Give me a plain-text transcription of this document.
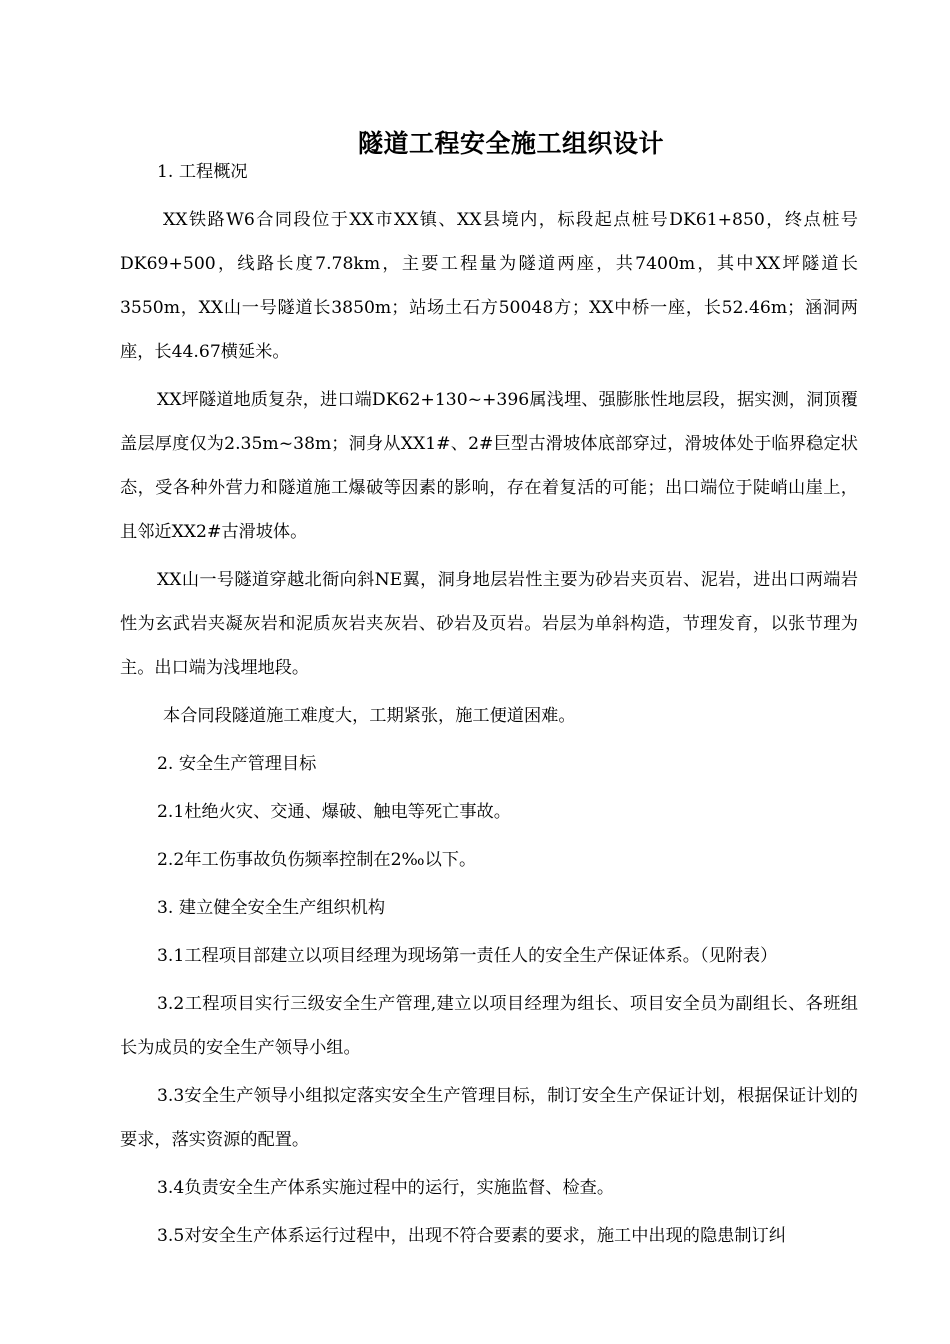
隧道工程安全施工组织设计

1. 工程概况

XX铁路W6合同段位于XX市XX镇、XX县境内，标段起点桩号DK61+850，终点桩号DK69+500，线路长度7.78km，主要工程量为隧道两座，共7400m，其中XX坪隧道长3550m，XX山一号隧道长3850m；站场土石方50048方；XX中桥一座，长52.46m；涵洞两座，长44.67横延米。

XX坪隧道地质复杂，进口端DK62+130~+396属浅埋、强膨胀性地层段，据实测，洞顶覆盖层厚度仅为2.35m~38m；洞身从XX1#、2#巨型古滑坡体底部穿过，滑坡体处于临界稳定状态，受各种外营力和隧道施工爆破等因素的影响，存在着复活的可能；出口端位于陡峭山崖上，且邻近XX2#古滑坡体。

XX山一号隧道穿越北衙向斜NE翼，洞身地层岩性主要为砂岩夹页岩、泥岩，进出口两端岩性为玄武岩夹凝灰岩和泥质灰岩夹灰岩、砂岩及页岩。岩层为单斜构造，节理发育，以张节理为主。出口端为浅埋地段。

本合同段隧道施工难度大，工期紧张，施工便道困难。

2. 安全生产管理目标

2.1杜绝火灾、交通、爆破、触电等死亡事故。

2.2年工伤事故负伤频率控制在2‰以下。

3. 建立健全安全生产组织机构

3.1工程项目部建立以项目经理为现场第一责任人的安全生产保证体系。（见附表）

3.2工程项目实行三级安全生产管理,建立以项目经理为组长、项目安全员为副组长、各班组长为成员的安全生产领导小组。

3.3安全生产领导小组拟定落实安全生产管理目标，制订安全生产保证计划，根据保证计划的要求，落实资源的配置。

3.4负责安全生产体系实施过程中的运行，实施监督、检查。

3.5对安全生产体系运行过程中，出现不符合要素的要求，施工中出现的隐患制订纠
